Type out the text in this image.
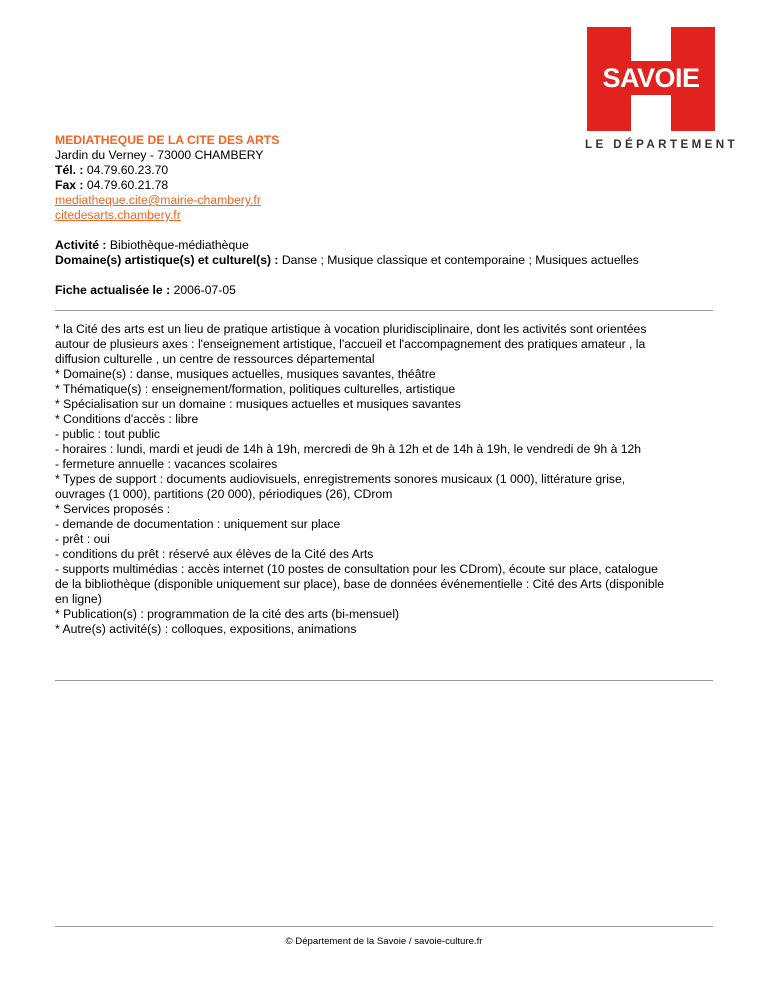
SAVOIE
LE DÉPARTEMENT
MEDIATHEQUE DE LA CITE DES ARTS
Jardin du Verney - 73000 CHAMBERY
Tél. : 04.79.60.23.70
Fax : 04.79.60.21.78
mediatheque.cite@mairie-chambery.fr
citedesarts.chambery.fr
Activité : Bibiothèque-médiathèque
Domaine(s) artistique(s) et culturel(s) : Danse ; Musique classique et contemporaine ; Musiques actuelles
Fiche actualisée le : 2006-07-05
* la Cité des arts est un lieu de pratique artistique à vocation pluridisciplinaire, dont les activités sont orientées
autour de plusieurs axes : l'enseignement artistique, l'accueil et l'accompagnement des pratiques amateur , la
diffusion culturelle , un centre de ressources départemental
* Domaine(s) : danse, musiques actuelles, musiques savantes, théâtre
* Thématique(s) : enseignement/formation, politiques culturelles, artistique
* Spécialisation sur un domaine : musiques actuelles et musiques savantes
* Conditions d'accès : libre
- public : tout public
- horaires : lundi, mardi et jeudi de 14h à 19h, mercredi de 9h à 12h et de 14h à 19h, le vendredi de 9h à 12h
- fermeture annuelle : vacances scolaires
* Types de support : documents audiovisuels, enregistrements sonores musicaux (1 000), littérature grise,
ouvrages (1 000), partitions (20 000), périodiques (26), CDrom
* Services proposés :
- demande de documentation : uniquement sur place
- prêt : oui
- conditions du prêt : réservé aux élèves de la Cité des Arts
- supports multimédias : accès internet (10 postes de consultation pour les CDrom), écoute sur place, catalogue
de la bibliothèque (disponible uniquement sur place), base de données événementielle : Cité des Arts (disponible
en ligne)
* Publication(s) : programmation de la cité des arts (bi-mensuel)
* Autre(s) activité(s) : colloques, expositions, animations
© Département de la Savoie / savoie-culture.fr
